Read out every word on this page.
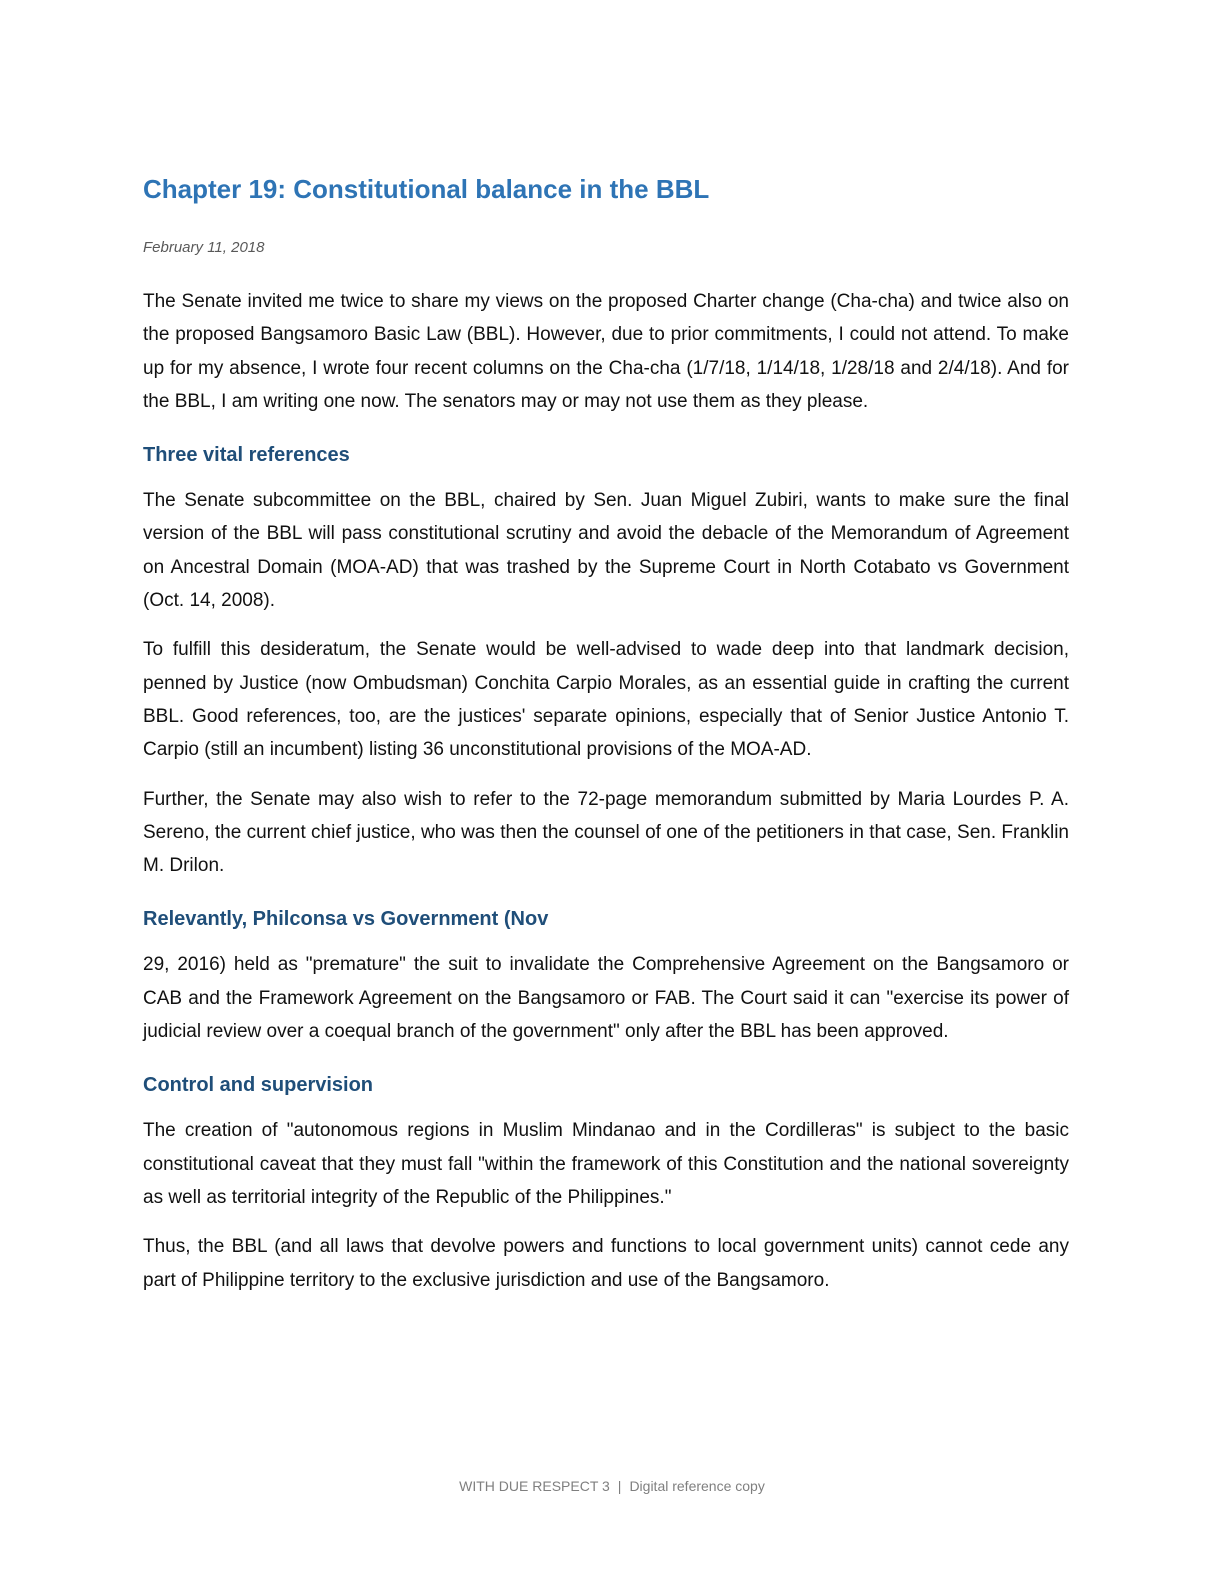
Chapter 19: Constitutional balance in the BBL
February 11, 2018

The Senate invited me twice to share my views on the proposed Charter change (Cha-cha) and twice also on the proposed Bangsamoro Basic Law (BBL). However, due to prior commitments, I could not attend. To make up for my absence, I wrote four recent columns on the Cha-cha (1/7/18, 1/14/18, 1/28/18 and 2/4/18). And for the BBL, I am writing one now. The senators may or may not use them as they please.

Three vital references

The Senate subcommittee on the BBL, chaired by Sen. Juan Miguel Zubiri, wants to make sure the final version of the BBL will pass constitutional scrutiny and avoid the debacle of the Memorandum of Agreement on Ancestral Domain (MOA-AD) that was trashed by the Supreme Court in North Cotabato vs Government (Oct. 14, 2008).

To fulfill this desideratum, the Senate would be well-advised to wade deep into that landmark decision, penned by Justice (now Ombudsman) Conchita Carpio Morales, as an essential guide in crafting the current BBL. Good references, too, are the justices' separate opinions, especially that of Senior Justice Antonio T. Carpio (still an incumbent) listing 36 unconstitutional provisions of the MOA-AD.

Further, the Senate may also wish to refer to the 72-page memorandum submitted by Maria Lourdes P. A. Sereno, the current chief justice, who was then the counsel of one of the petitioners in that case, Sen. Franklin M. Drilon.

Relevantly, Philconsa vs Government (Nov

29, 2016) held as "premature" the suit to invalidate the Comprehensive Agreement on the Bangsamoro or CAB and the Framework Agreement on the Bangsamoro or FAB. The Court said it can "exercise its power of judicial review over a coequal branch of the government" only after the BBL has been approved.

Control and supervision

The creation of "autonomous regions in Muslim Mindanao and in the Cordilleras" is subject to the basic constitutional caveat that they must fall "within the framework of this Constitution and the national sovereignty as well as territorial integrity of the Republic of the Philippines."

Thus, the BBL (and all laws that devolve powers and functions to local government units) cannot cede any part of Philippine territory to the exclusive jurisdiction and use of the Bangsamoro.

WITH DUE RESPECT 3 | Digital reference copy
